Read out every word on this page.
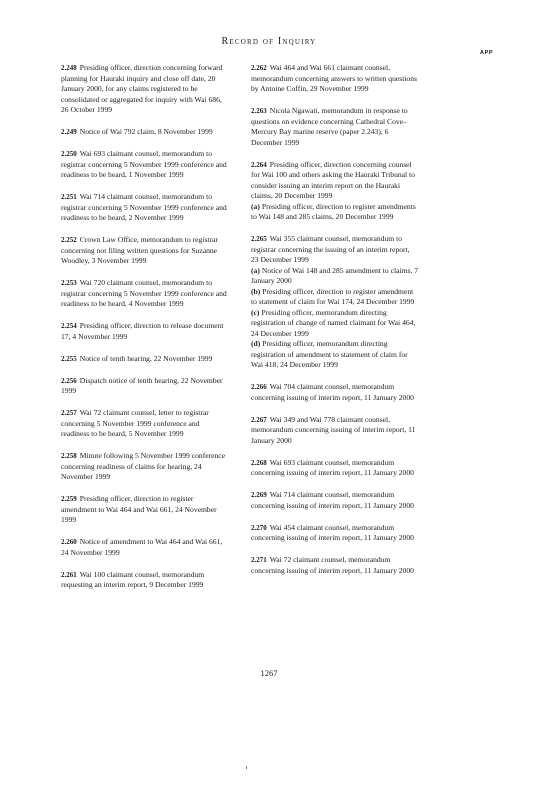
Record of Inquiry
APP

2.248 Presiding officer, direction concerning forward planning for Hauraki inquiry and close off date, 20 January 2000, for any claims registered to be consolidated or aggregated for inquiry with Wai 686, 26 October 1999

2.249 Notice of Wai 792 claim, 8 November 1999

2.250 Wai 693 claimant counsel, memorandum to registrar concerning 5 November 1999 conference and readiness to be heard, 1 November 1999

2.251 Wai 714 claimant counsel, memorandum to registrar concerning 5 November 1999 conference and readiness to be heard, 2 November 1999

2.252 Crown Law Office, memorandum to registrar concerning not filing written questions for Suzanne Woodley, 3 November 1999

2.253 Wai 720 claimant counsel, memorandum to registrar concerning 5 November 1999 conference and readiness to be heard, 4 November 1999

2.254 Presiding officer, direction to release document 17, 4 November 1999

2.255 Notice of tenth hearing, 22 November 1999

2.256 Dispatch notice of tenth hearing, 22 November 1999

2.257 Wai 72 claimant counsel, letter to registrar concerning 5 November 1999 conference and readiness to be heard, 5 November 1999

2.258 Minute following 5 November 1999 conference concerning readiness of claims for hearing, 24 November 1999

2.259 Presiding officer, direction to register amendment to Wai 464 and Wai 661, 24 November 1999

2.260 Notice of amendment to Wai 464 and Wai 661, 24 November 1999

2.261 Wai 100 claimant counsel, memorandum requesting an interim report, 9 December 1999

2.262 Wai 464 and Wai 661 claimant counsel, memorandum concerning answers to written questions by Antoine Coffin, 29 November 1999

2.263 Nicola Ngawati, memorandum in response to questions on evidence concerning Cathedral Cove–Mercury Bay marine reserve (paper 2.243), 6 December 1999

2.264 Presiding officer, direction concerning counsel for Wai 100 and others asking the Hauraki Tribunal to consider issuing an interim report on the Hauraki claims, 20 December 1999
(a) Presiding officer, direction to register amendments to Wai 148 and 285 claims, 20 December 1999

2.265 Wai 355 claimant counsel, memorandum to registrar concerning the issuing of an interim report, 23 December 1999
(a) Notice of Wai 148 and 285 amendment to claims, 7 January 2000
(b) Presiding officer, direction to register amendment to statement of claim for Wai 174, 24 December 1999
(c) Presiding officer, memorandum directing registration of change of named claimant for Wai 464, 24 December 1999
(d) Presiding officer, memorandum directing registration of amendment to statement of claim for Wai 418, 24 December 1999

2.266 Wai 704 claimant counsel, memorandum concerning issuing of interim report, 11 January 2000

2.267 Wai 349 and Wai 778 claimant counsel, memorandum concerning issuing of interim report, 11 January 2000

2.268 Wai 693 claimant counsel, memorandum concerning issuing of interim report, 11 January 2000

2.269 Wai 714 claimant counsel, memorandum concerning issuing of interim report, 11 January 2000

2.270 Wai 454 claimant counsel, memorandum concerning issuing of interim report, 11 January 2000

2.271 Wai 72 claimant counsel, memorandum concerning issuing of interim report, 11 January 2000

1267
